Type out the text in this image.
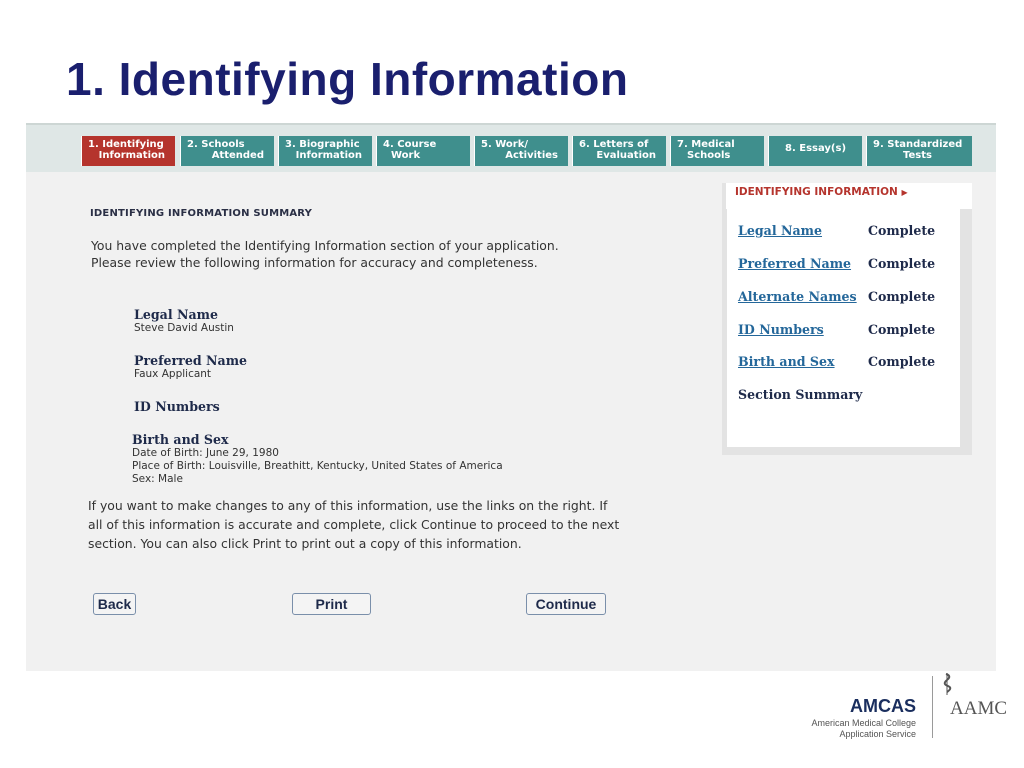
1. Identifying Information
1. Identifying
Information
2. Schools
Attended
3. Biographic
Information
4. Course
Work
5. Work/
Activities
6. Letters of
Evaluation
7. Medical
Schools
8. Essay(s)	9. Standardized
Tests
IDENTIFYING INFORMATION SUMMARY
You have completed the Identifying Information section of your application.
Please review the following information for accuracy and completeness.
Legal Name
Steve David Austin
Preferred Name
Faux Applicant
ID Numbers
Birth and Sex
Date of Birth: June 29, 1980
Place of Birth: Louisville, Breathitt, Kentucky, United States of America
Sex: Male
If you want to make changes to any of this information, use the links on the right. If
all of this information is accurate and complete, click Continue to proceed to the next
section. You can also click Print to print out a copy of this information.
Back	Print	Continue
IDENTIFYING INFORMATION ▶
Legal Name	Complete
Preferred Name Complete
Alternate Names Complete
ID Numbers	Complete
Birth and Sex	Complete
Section Summary
AMCAS
American Medical College
Application Service
AAMC
